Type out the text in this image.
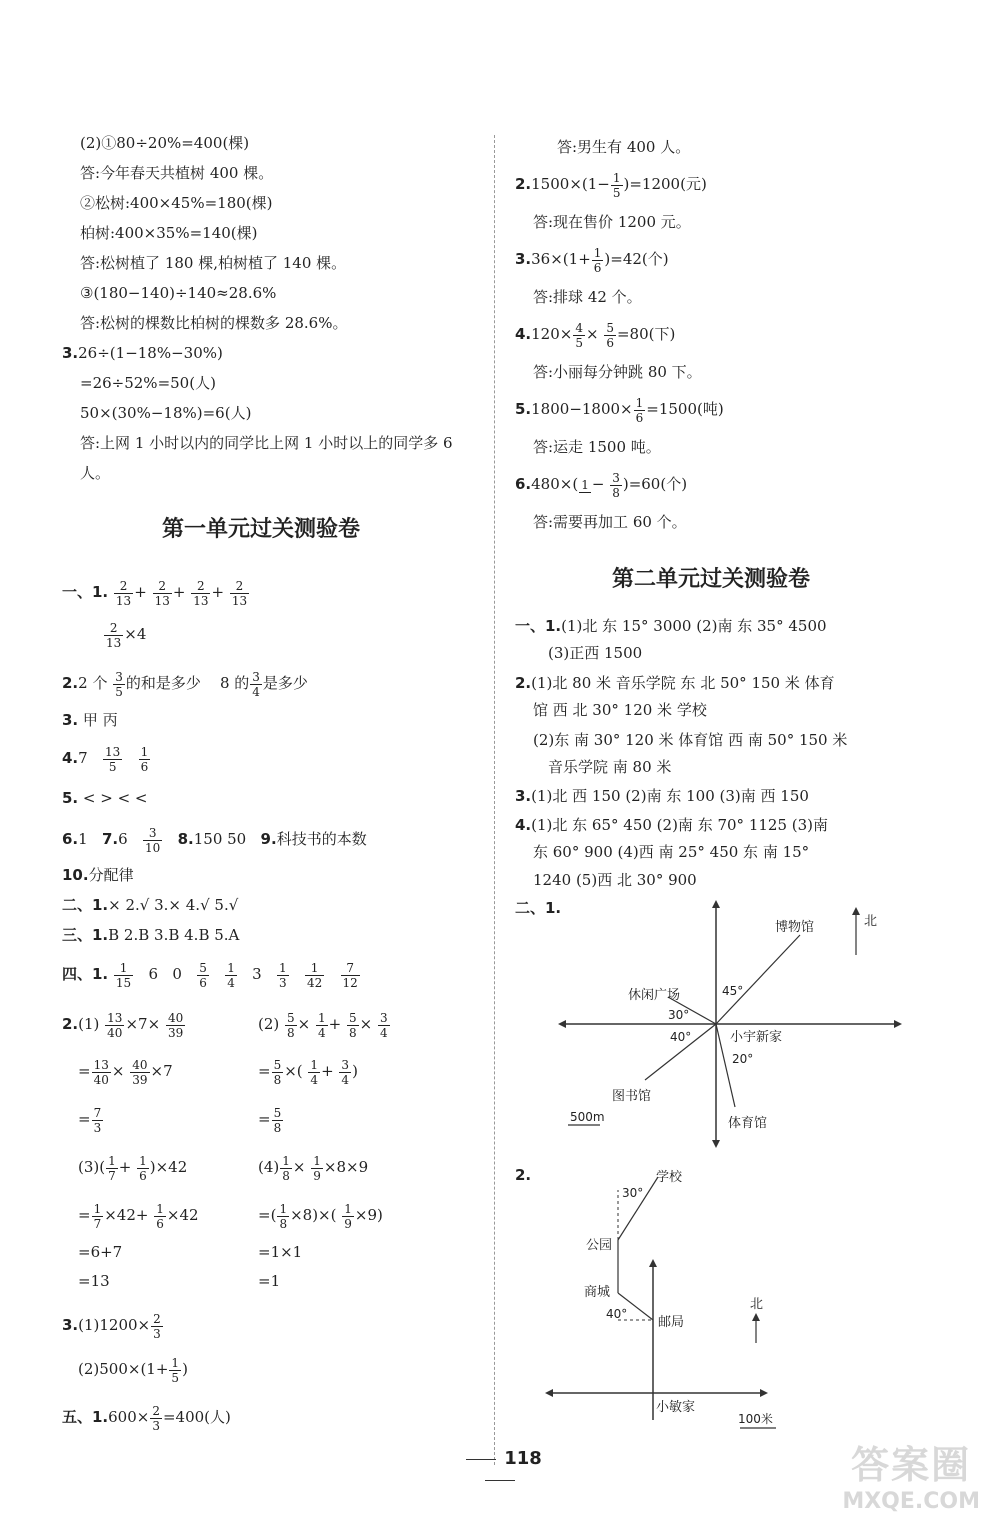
(2)①80÷20%=400(棵)
答:今年春天共植树 400 棵。
②松树:400×45%=180(棵)
柏树:400×35%=140(棵)
答:松树植了 180 棵,柏树植了 140 棵。
③(180−140)÷140≈28.6%
答:松树的棵数比柏树的棵数多 28.6%。
3.26÷(1−18%−30%)
=26÷52%=50(人)
50×(30%−18%)=6(人)
答:上网 1 小时以内的同学比上网 1 小时以上的同学多 6
人。
第一单元过关测验卷
一、1. $\frac{2}{13} + \frac{2}{13} + \frac{2}{13} + \frac{2}{13}$
$\frac{2}{13} \times 4$
2.2 个 $\frac{3}{5}$ 的和是多少 8 的 $\frac{3}{4}$ 是多少
3. 甲 丙
$4.7 \frac{13}{5}$
$\frac{1}{6}$
5. < > < <
6.1 $7.6 \frac{3}{10} 8.150$ 50 9.科技书的本数
10.分配律
二、1.× 2.√ 3.× 4.√ 5.√
三、1.B 2.B 3.B 4.B 5.A
四、1. $\frac{1}{15} 6$ $0 \frac{5}{6}$
$\frac{1}{4} 3 \frac{1}{3}$
$\frac{1}{42}$
$\frac{7}{12}$
$2.(1) \frac{13}{40} \times 7\times \frac{40}{39}$	$(2) \frac{5}{8} \times \frac{1}{4} + \frac{5}{8} \times \frac{3}{4}$
= $\frac{13}{40} \times \frac{40}{39} \times 7$	= $\frac{5}{8}$ ×( $\frac{1}{4} + \frac{3}{4}$ )
= $\frac{7}{3}$	= $\frac{5}{8}$
$(3)( \frac{1}{7} + \frac{1}{6} )\times 42$	$(4) \frac{1}{8} \times \frac{1}{9} \times 8\times 9$
= $\frac{1}{7} \times 42+ \frac{1}{6} \times 42$	=( $\frac{1}{8} \times 8)\times( \frac{1}{9} \times 9)$
=6+7	=1×1
=13	=1
$3.(1)1200\times \frac{2}{3}$
$(2)500\times(1+ \frac{1}{5}$ )
五、$1.600\times \frac{2}{3} =400$(人)
答:男生有 400 人。
$2.1500\times(1- \frac{1}{5} )=1200$(元)
答:现在售价 1200 元。
$3.36\times(1+ \frac{1}{6} )=42$(个)
答:排球 42 个。
$4.120\times \frac{4}{5} \times \frac{5}{6} =80$(下)
答:小丽每分钟跳 80 下。
$5.1800-1800\times \frac{1}{6} =1500$(吨)
答:运走 1500 吨。
6.480×( $1 - \frac{3}{8} )=60$(个)
答:需要再加工 60 个。
第二单元过关测验卷
一、1.(1)北 东 15° 3000 (2)南 东 35° 4500
(3)正西 1500
2.(1)北 80 米 音乐学院 东 北 50° 150 米 体育
馆 西 北 30° 120 米 学校
(2)东 南 30° 120 米 体育馆 西 南 50° 150 米
音乐学院 南 80 米
3.(1)北 西 150 (2)南 东 100 (3)南 西 150
4.(1)北 东 65° 450 (2)南 东 70° 1125 (3)南
东 60° 900 (4)西 南 25° 450 东 南 15°
1240 (5)西 北 30° 900
二、1.
博物馆	北
休闲广场	45°
30°
40°	小宇新家
20°
图书馆
体育馆
500m
2.	学校
30°
公园
商城
40°
邮局
北
小敏家
100米
118	答案圈
MXQE.COM
